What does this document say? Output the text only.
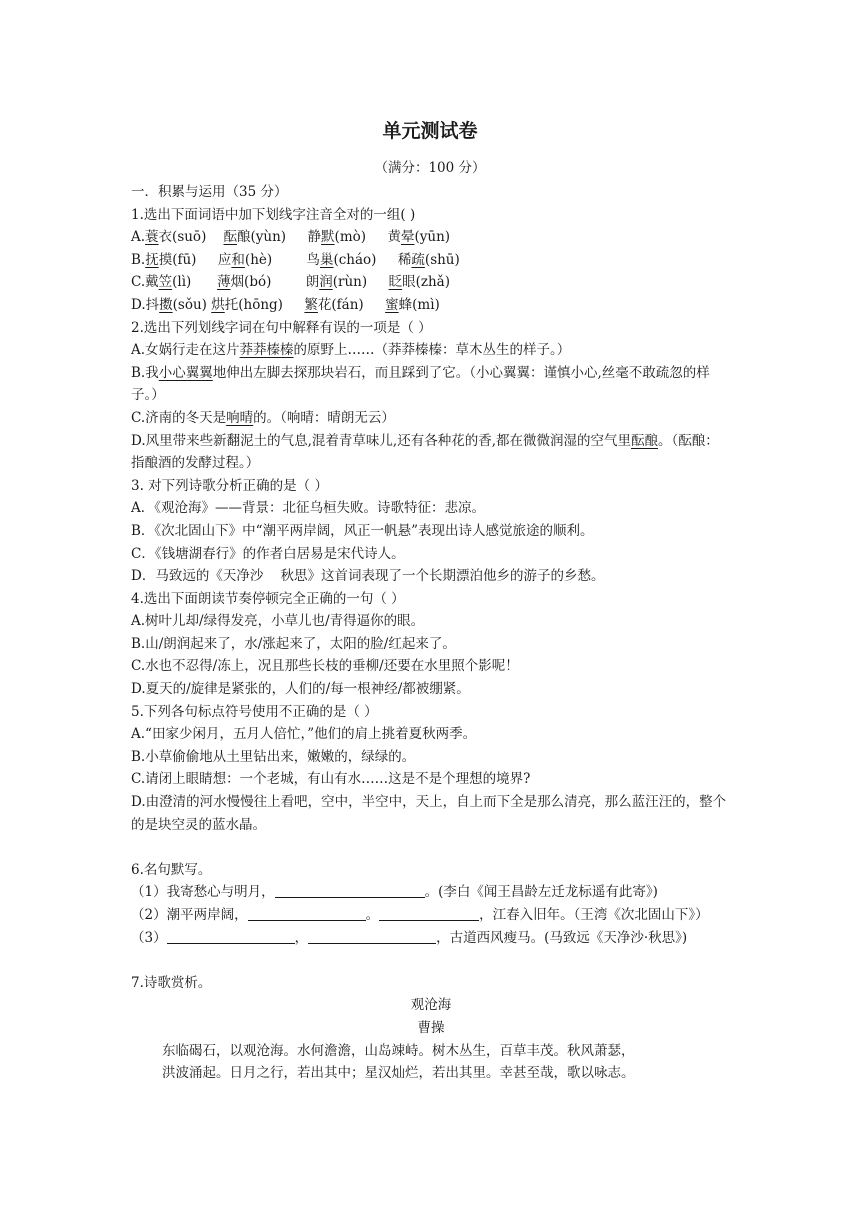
单元测试卷
（满分：100 分）
一．积累与运用（35 分）
1.选出下面词语中加下划线字注音全对的一组( )
A.蓑衣(suō) 酝酿(yùn) 静默(mò) 黄晕(yūn)
B.抚摸(fū) 应和(hè)	鸟巢(cháo) 稀疏(shū)
C.戴笠(lì) 薄烟(bó)	朗润(rùn) 眨眼(zhǎ)
D.抖擞(sǒu) 烘托(hōng) 繁花(fán) 蜜蜂(mì)
2.选出下列划线字词在句中解释有误的一项是（ ）
A.女娲行走在这片莽莽榛榛的原野上……（莽莽榛榛：草木丛生的样子。）
B.我小心翼翼地伸出左脚去探那块岩石，而且踩到了它。（小心翼翼：谨慎小心,丝毫不敢疏忽的样子。）
C.济南的冬天是响晴的。（响晴：晴朗无云）
D.风里带来些新翻泥土的气息,混着青草味儿,还有各种花的香,都在微微润湿的空气里酝酿。（酝酿：指酿酒的发酵过程。）
3. 对下列诗歌分析正确的是（ ）
A．《观沧海》——背景：北征乌桓失败。诗歌特征：悲凉。
B．《次北固山下》中“潮平两岸阔，风正一帆悬”表现出诗人感觉旅途的顺利。
C．《钱塘湖春行》的作者白居易是宋代诗人。
D．马致远的《天净沙    秋思》这首词表现了一个长期漂泊他乡的游子的乡愁。
4.选出下面朗读节奏停顿完全正确的一句（ ）
A.树叶儿却/绿得发亮，小草儿也/青得逼你的眼。
B.山/朗润起来了，水/涨起来了，太阳的脸/红起来了。
C.水也不忍得/冻上，况且那些长枝的垂柳/还要在水里照个影呢！
D.夏天的/旋律是紧张的，人们的/每一根神经/都被绷紧。
5.下列各句标点符号使用不正确的是（ ）
A.“田家少闲月，五月人倍忙，”他们的肩上挑着夏秋两季。
B.小草偷偷地从土里钻出来，嫩嫩的，绿绿的。
C.请闭上眼睛想：一个老城，有山有水……这是不是个理想的境界?
D.由澄清的河水慢慢往上看吧，空中，半空中，天上，自上而下全是那么清亮，那么蓝汪汪的，整个的是块空灵的蓝水晶。
6.名句默写。
（1）我寄愁心与明月，	。(李白《闻王昌龄左迁龙标遥有此寄》)
（2）潮平两岸阔，	。	，江春入旧年。（王湾《次北固山下》）
（3）	，	，古道西风瘦马。(马致远《天净沙·秋思》)
7.诗歌赏析。
观沧海
曹操
东临碣石，以观沧海。水何澹澹，山岛竦峙。树木丛生，百草丰茂。秋风萧瑟，
洪波涌起。日月之行，若出其中；星汉灿烂，若出其里。幸甚至哉，歌以咏志。
